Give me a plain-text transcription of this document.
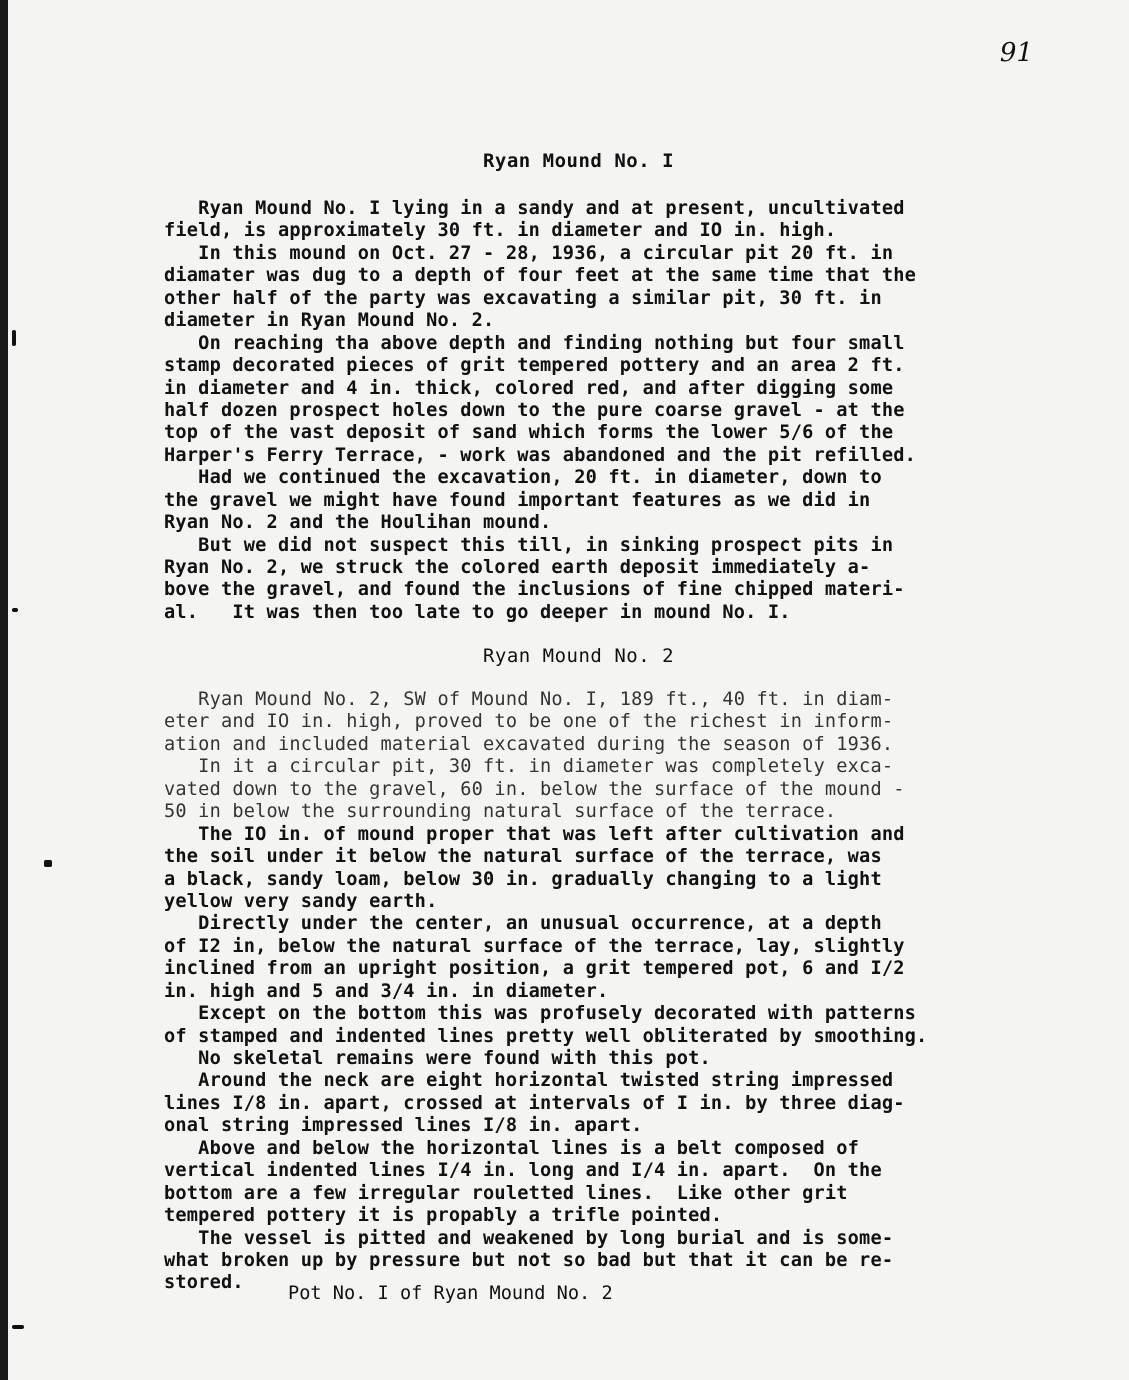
91
Ryan Mound No. I
Ryan Mound No. I lying in a sandy and at present, uncultivated
field, is approximately 30 ft. in diameter and IO in. high.
In this mound on Oct. 27 - 28, 1936, a circular pit 20 ft. in
diamater was dug to a depth of four feet at the same time that the
other half of the party was excavating a similar pit, 30 ft. in
diameter in Ryan Mound No. 2.
On reaching tha above depth and finding nothing but four small
stamp decorated pieces of grit tempered pottery and an area 2 ft.
in diameter and 4 in. thick, colored red, and after digging some
half dozen prospect holes down to the pure coarse gravel - at the
top of the vast deposit of sand which forms the lower 5/6 of the
Harper's Ferry Terrace, - work was abandoned and the pit refilled.
Had we continued the excavation, 20 ft. in diameter, down to
the gravel we might have found important features as we did in
Ryan No. 2 and the Houlihan mound.
But we did not suspect this till, in sinking prospect pits in
Ryan No. 2, we struck the colored earth deposit immediately a-
bove the gravel, and found the inclusions of fine chipped materi-
al.   It was then too late to go deeper in mound No. I.
Ryan Mound No. 2
Ryan Mound No. 2, SW of Mound No. I, 189 ft., 40 ft. in diam-
eter and IO in. high, proved to be one of the richest in inform-
ation and included material excavated during the season of 1936.
In it a circular pit, 30 ft. in diameter was completely exca-
vated down to the gravel, 60 in. below the surface of the mound -
50 in below the surrounding natural surface of the terrace.
The IO in. of mound proper that was left after cultivation and
the soil under it below the natural surface of the terrace, was
a black, sandy loam, below 30 in. gradually changing to a light
yellow very sandy earth.
Directly under the center, an unusual occurrence, at a depth
of I2 in, below the natural surface of the terrace, lay, slightly
inclined from an upright position, a grit tempered pot, 6 and I/2
in. high and 5 and 3/4 in. in diameter.
Except on the bottom this was profusely decorated with patterns
of stamped and indented lines pretty well obliterated by smoothing.
No skeletal remains were found with this pot.
Around the neck are eight horizontal twisted string impressed
lines I/8 in. apart, crossed at intervals of I in. by three diag-
onal string impressed lines I/8 in. apart.
Above and below the horizontal lines is a belt composed of
vertical indented lines I/4 in. long and I/4 in. apart.  On the
bottom are a few irregular rouletted lines.  Like other grit
tempered pottery it is propably a trifle pointed.
The vessel is pitted and weakened by long burial and is some-
what broken up by pressure but not so bad but that it can be re-
stored.
Pot No. I of Ryan Mound No. 2
